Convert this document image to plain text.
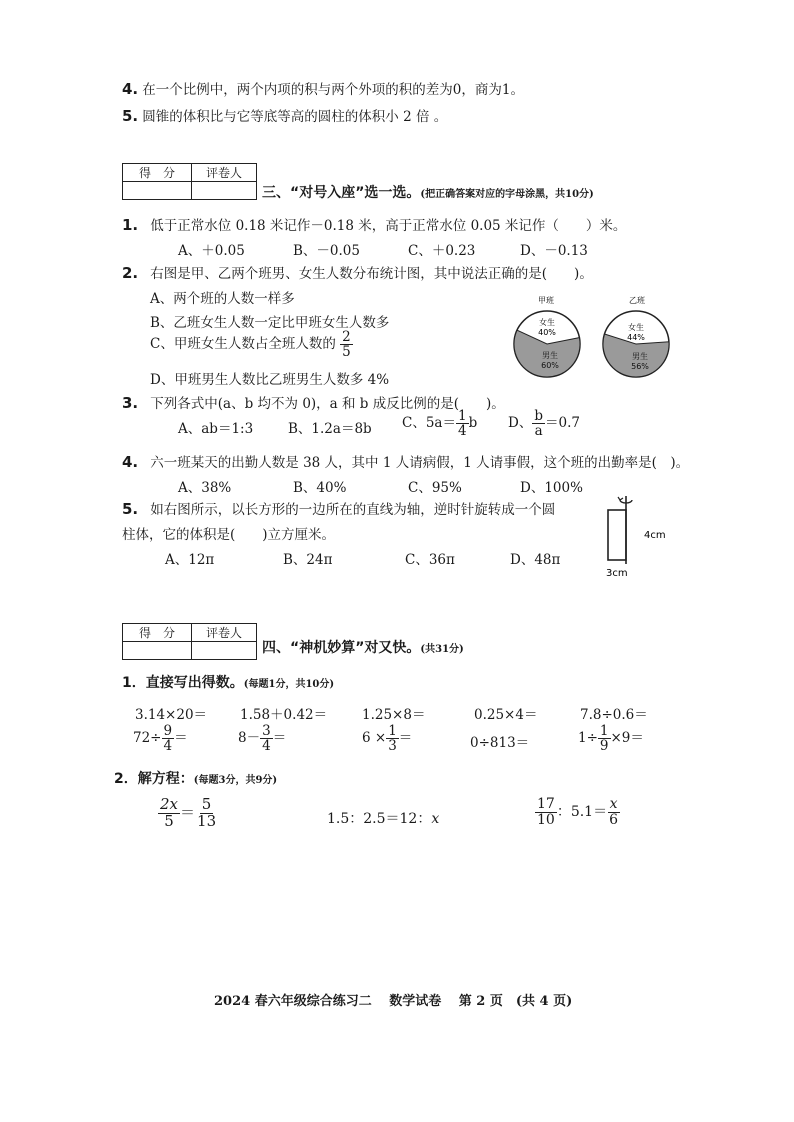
4. 在一个比例中，两个内项的积与两个外项的积的差为0，商为1。
5. 圆锥的体积比与它等底等高的圆柱的体积小 2 倍 。
得　分	评卷人

三、“对号入座”选一选。(把正确答案对应的字母涂黑，共10分)
1. 低于正常水位 0.18 米记作－0.18 米，高于正常水位 0.05 米记作（　　）米。
A、＋0.05	B、－0.05	C、＋0.23	D、－0.13
2. 右图是甲、乙两个班男、女生人数分布统计图，其中说法正确的是(　　)。
A、两个班的人数一样多
B、乙班女生人数一定比甲班女生人数多
C、甲班女生人数占全班人数的 $\frac{2}{5}$
D、甲班男生人数比乙班男生人数多 4%
甲班	乙班
女生
40%
男生
60%
女生
44%
男生
56%
3. 下列各式中(a、b 均不为 0)，a 和 b 成反比例的是(　　)。
A、ab＝1:3	B、1.2a＝8b C、$5a= \frac{1}{4}$ b D、 $\frac{b}{a} =0.7$
4. 六一班某天的出勤人数是 38 人，其中 1 人请病假，1 人请事假，这个班的出勤率是(　)。
A、38%	B、40%	C、95%	D、100%
5. 如右图所示，以长方形的一边所在的直线为轴，逆时针旋转成一个圆
柱体，它的体积是(　　)立方厘米。
A、12π	B、24π	C、36π	D、48π
4cm
3cm
得　分	评卷人

四、“神机妙算”对又快。(共31分)
1．直接写出得数。(每题1分，共10分)
3.14×20＝ 1.58＋0.42＝	1.25×8＝	0.25×4＝	7.8÷0.6＝
$72\div \frac{9}{4}$ ＝	$8- \frac{3}{4}$ ＝	$6 \times \frac{1}{3}$ ＝	0÷813＝	$1\div \frac{1}{9} \times 9=$
2．解方程：(每题3分，共9分)
$\frac{2x}{5} = \frac{5}{13}$	1.5：2.5＝12：x	$\frac{17}{10}$ ：$5.1= \frac{x}{6}$
2024 春六年级综合练习二　 数学试卷　 第 2 页　(共 4 页)
